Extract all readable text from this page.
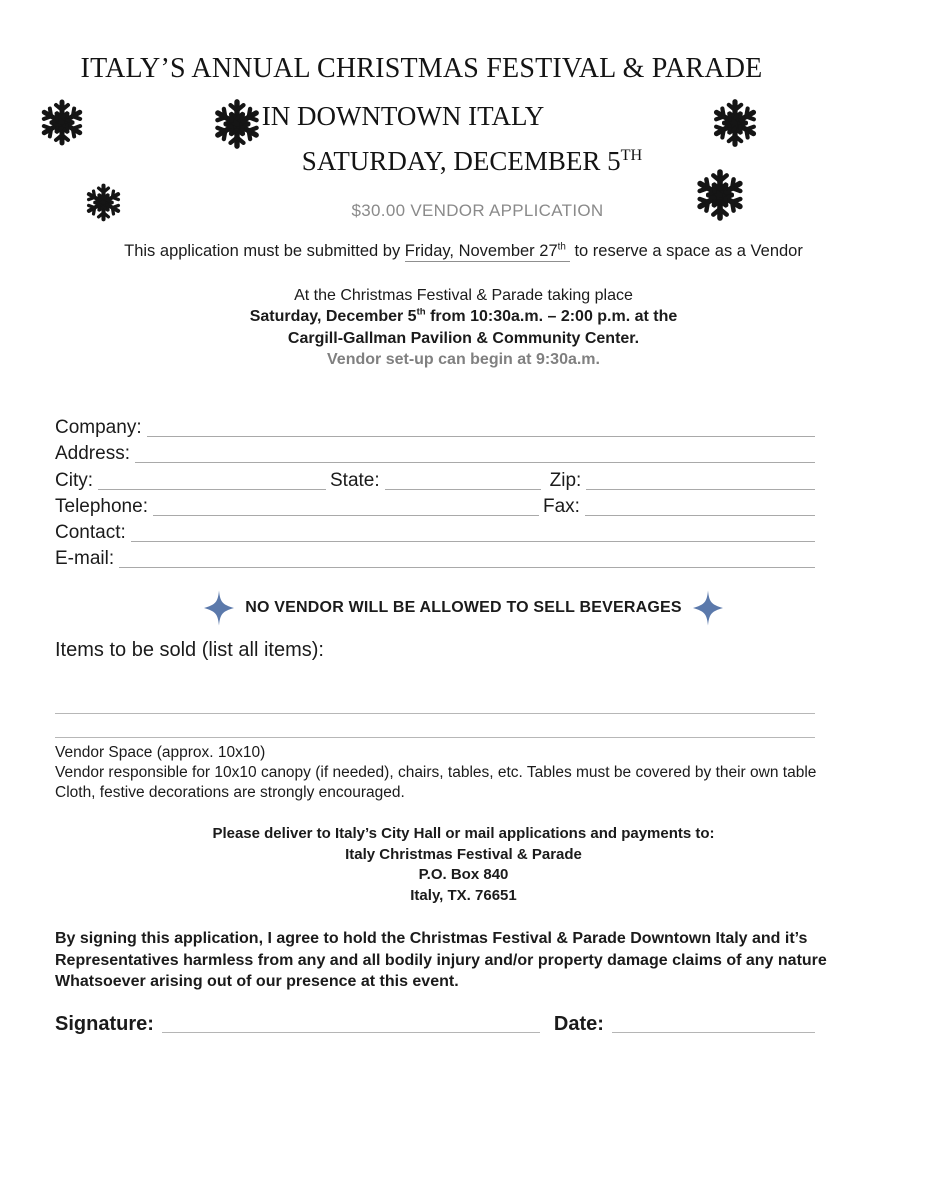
ITALY’S ANNUAL CHRISTMAS FESTIVAL & PARADE
IN DOWNTOWN ITALY
SATURDAY, DECEMBER 5TH
$30.00 VENDOR APPLICATION
This application must be submitted by Friday, November 27th to reserve a space as a Vendor
At the Christmas Festival & Parade taking place
Saturday, December 5th from 10:30a.m. – 2:00 p.m. at the
Cargill-Gallman Pavilion & Community Center.
Vendor set-up can begin at 9:30a.m.
Company:
Address:
City:	State:	Zip:
Telephone:	Fax:
Contact:
E-mail:
NO VENDOR WILL BE ALLOWED TO SELL BEVERAGES
Items to be sold (list all items):
Vendor Space (approx. 10x10)
Vendor responsible for 10x10 canopy (if needed), chairs, tables, etc. Tables must be covered by their own table
Cloth, festive decorations are strongly encouraged.
Please deliver to Italy’s City Hall or mail applications and payments to:
Italy Christmas Festival & Parade
P.O. Box 840
Italy, TX. 76651
By signing this application, I agree to hold the Christmas Festival & Parade Downtown Italy and it’s
Representatives harmless from any and all bodily injury and/or property damage claims of any nature
Whatsoever arising out of our presence at this event.
Signature:	Date:
